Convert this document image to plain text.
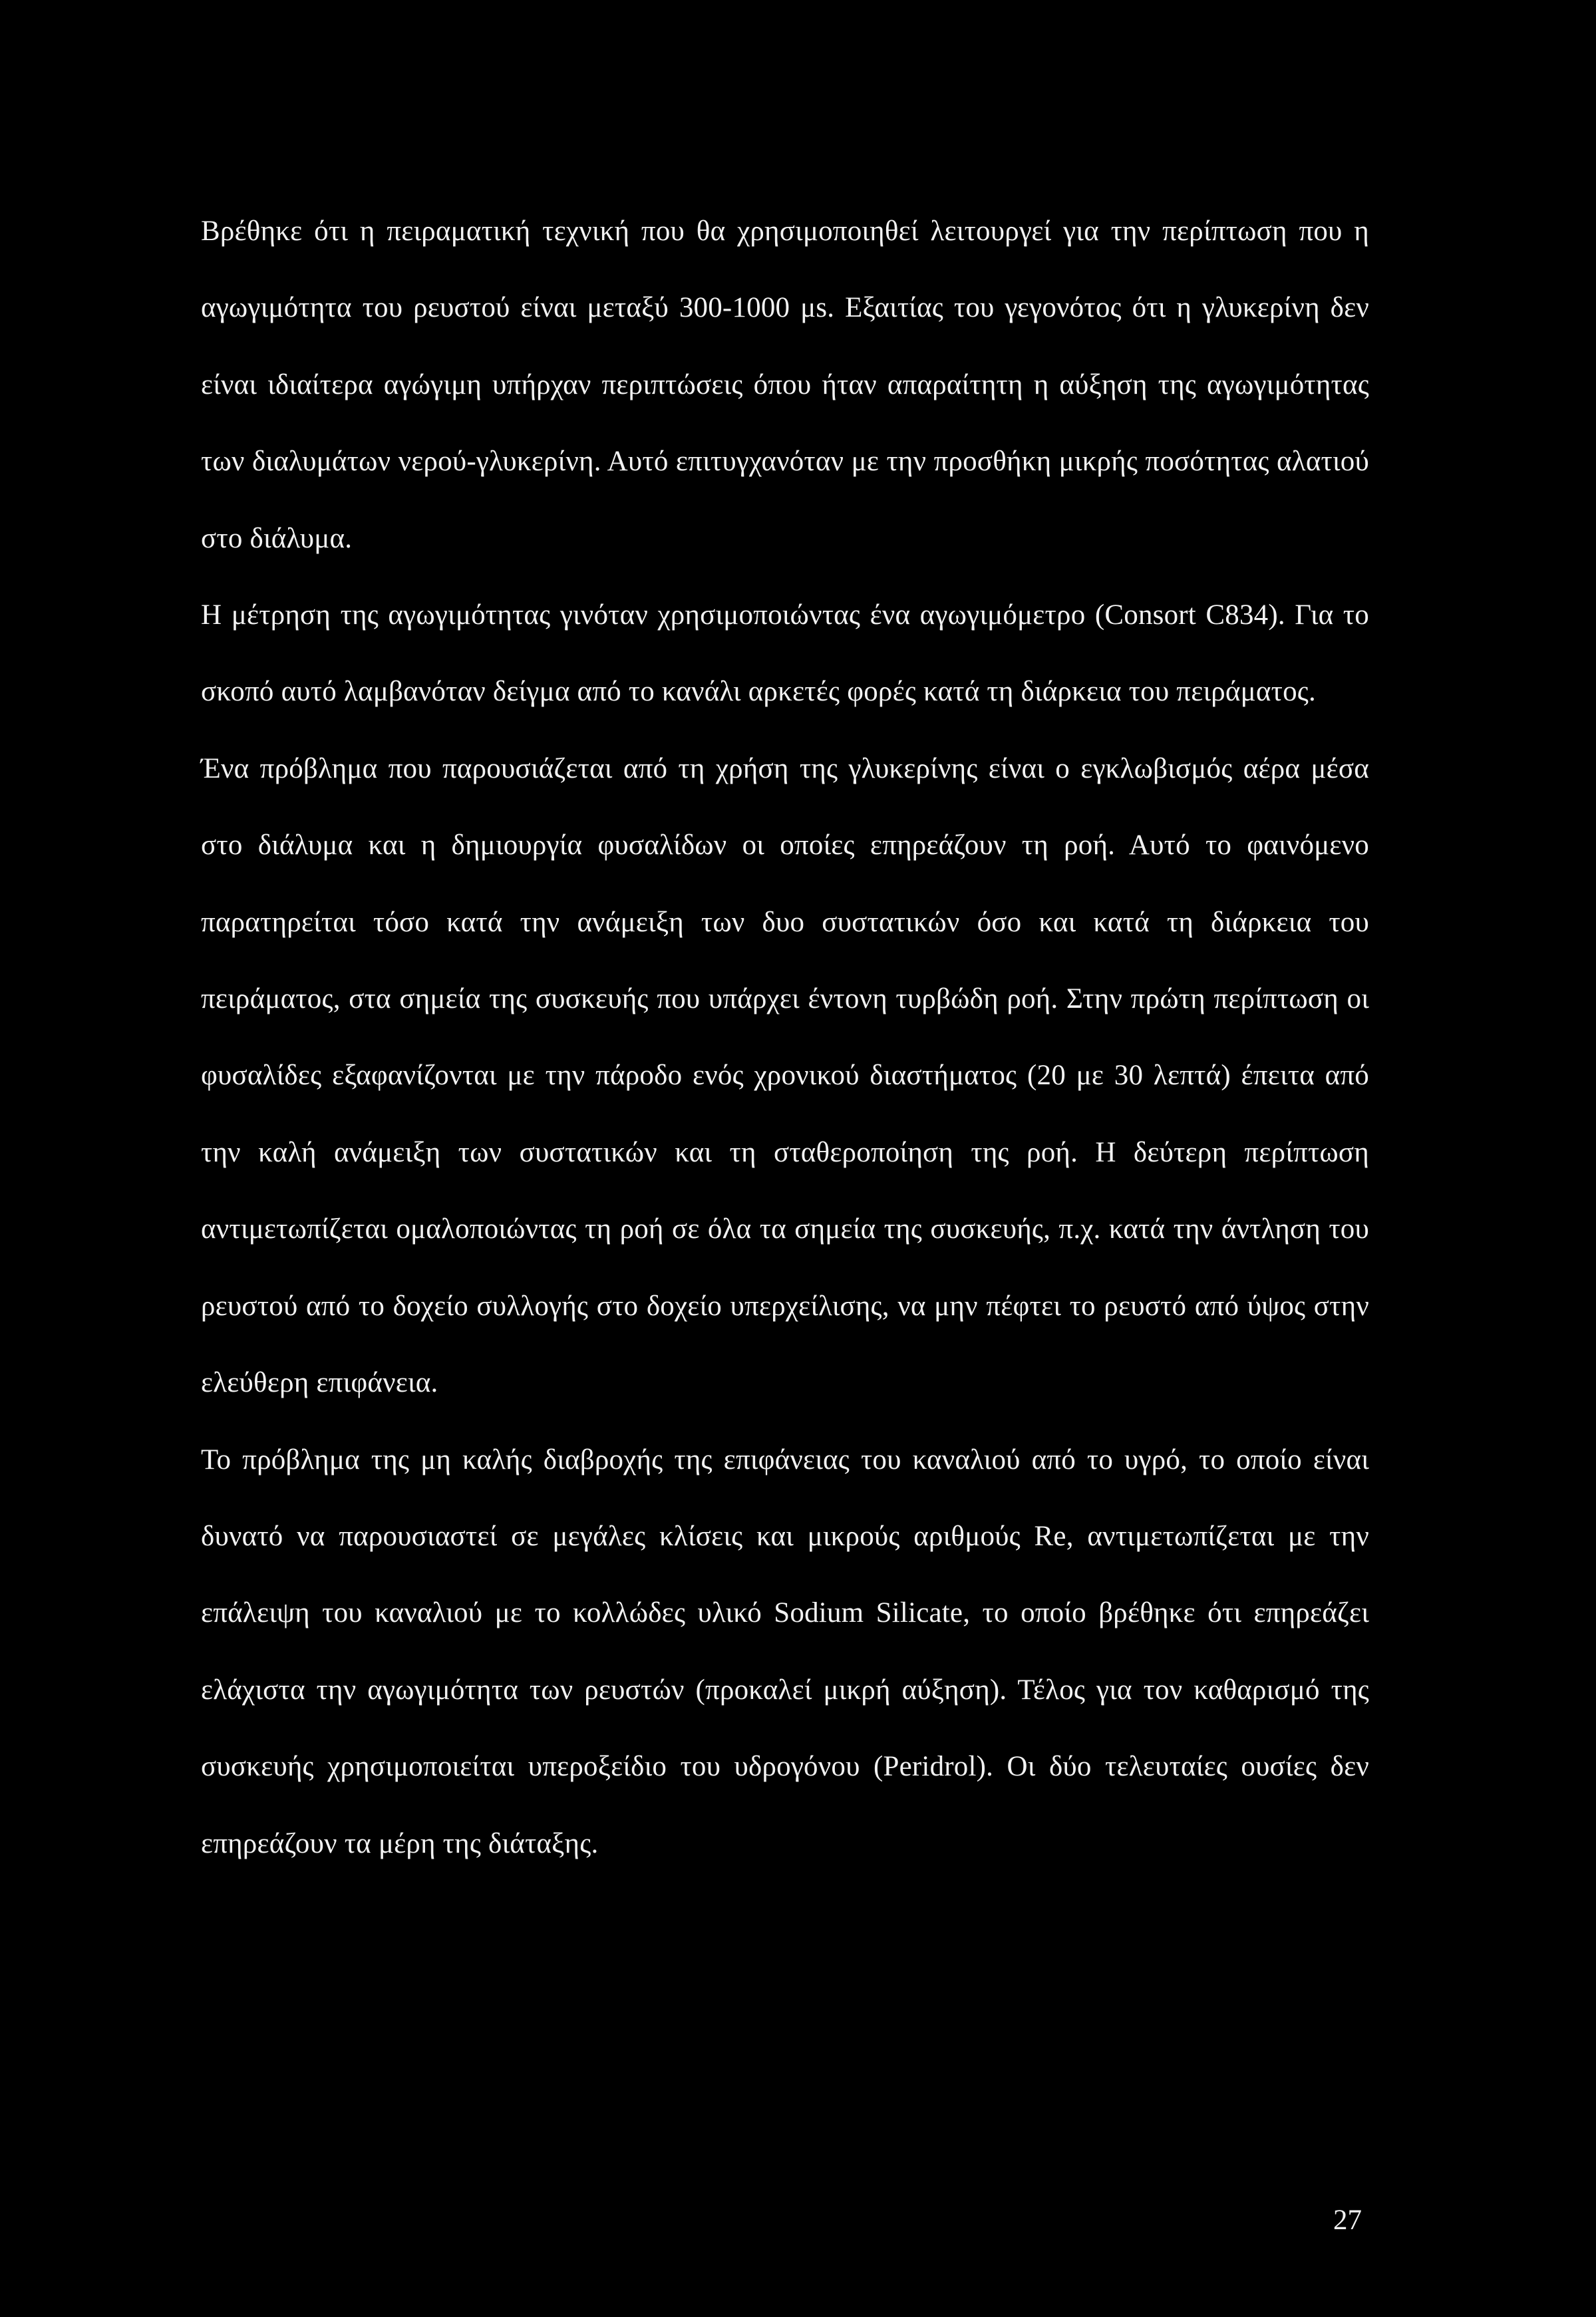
Βρέθηκε ότι η πειραματική τεχνική που θα χρησιμοποιηθεί λειτουργεί για την περίπτωση που η αγωγιμότητα του ρευστού είναι μεταξύ 300-1000 μs. Εξαιτίας του γεγονότος ότι η γλυκερίνη δεν είναι ιδιαίτερα αγώγιμη υπήρχαν περιπτώσεις όπου ήταν απαραίτητη η αύξηση της αγωγιμότητας των διαλυμάτων νερού-γλυκερίνη. Αυτό επιτυγχανόταν με την προσθήκη μικρής ποσότητας αλατιού στο διάλυμα.

Η μέτρηση της αγωγιμότητας γινόταν χρησιμοποιώντας ένα αγωγιμόμετρο (Consort C834). Για το σκοπό αυτό λαμβανόταν δείγμα από το κανάλι αρκετές φορές κατά τη διάρκεια του πειράματος.

Ένα πρόβλημα που παρουσιάζεται από τη χρήση της γλυκερίνης είναι ο εγκλωβισμός αέρα μέσα στο διάλυμα και η δημιουργία φυσαλίδων οι οποίες επηρεάζουν τη ροή. Αυτό το φαινόμενο παρατηρείται τόσο κατά την ανάμειξη των δυο συστατικών όσο και κατά τη διάρκεια του πειράματος, στα σημεία της συσκευής που υπάρχει έντονη τυρβώδη ροή. Στην πρώτη περίπτωση οι φυσαλίδες εξαφανίζονται με την πάροδο ενός χρονικού διαστήματος (20 με 30 λεπτά) έπειτα από την καλή ανάμειξη των συστατικών και τη σταθεροποίηση της ροή. Η δεύτερη περίπτωση αντιμετωπίζεται ομαλοποιώντας τη ροή σε όλα τα σημεία της συσκευής, π.χ. κατά την άντληση του ρευστού από το δοχείο συλλογής στο δοχείο υπερχείλισης, να μην πέφτει το ρευστό από ύψος στην ελεύθερη επιφάνεια.

Το πρόβλημα της μη καλής διαβροχής της επιφάνειας του καναλιού από το υγρό, το οποίο είναι δυνατό να παρουσιαστεί σε μεγάλες κλίσεις και μικρούς αριθμούς Re, αντιμετωπίζεται με την επάλειψη του καναλιού με το κολλώδες υλικό Sodium Silicate, το οποίο βρέθηκε ότι επηρεάζει ελάχιστα την αγωγιμότητα των ρευστών (προκαλεί μικρή αύξηση). Τέλος για τον καθαρισμό της συσκευής χρησιμοποιείται υπεροξείδιο του υδρογόνου (Peridrol). Οι δύο τελευταίες ουσίες δεν επηρεάζουν τα μέρη της διάταξης.

27
